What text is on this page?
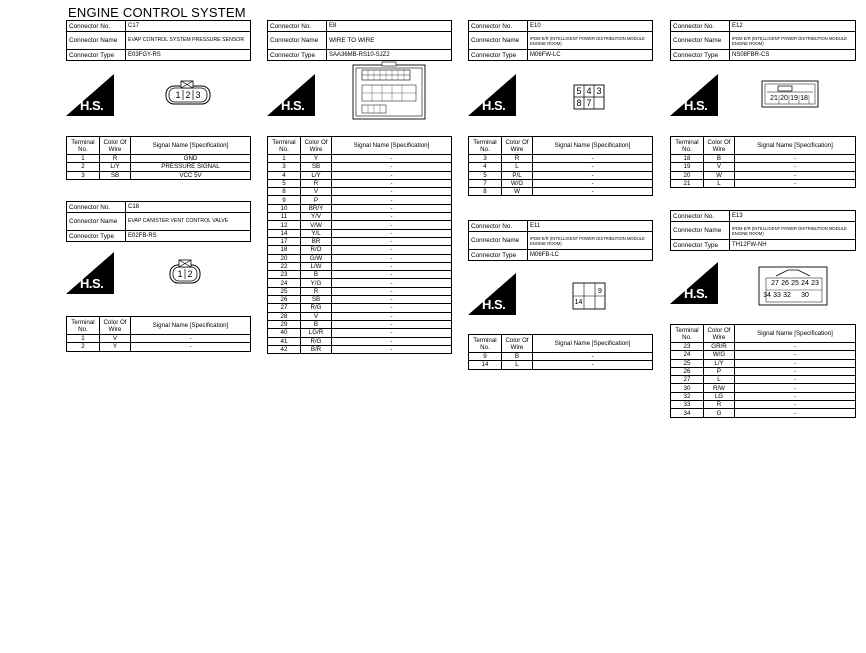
ENGINE CONTROL SYSTEM
Connector No.	C17
Connector Name	EVAP CONTROL SYSTEM PRESSURE SENSOR
Connector Type	E03FGY-RS
H.S.
1 2 3
Terminal No.	Color Of Wire	Signal Name [Specification]
1	R	GND
2	L/Y	PRESSURE SIGNAL
3	SB	VCC 5V
Connector No.	C18
Connector Name	EVAP CANISTER VENT CONTROL VALVE
Connector Type	E02FB-RS
H.S.
1 2
Terminal No.	Color Of Wire	Signal Name [Specification]
1	V	-
2	Y	-
Connector No.	E8
Connector Name	WIRE TO WIRE
Connector Type	SAA36MB-RS10-SJZ2
H.S.
Terminal No.	Color Of Wire	Signal Name [Specification]
1	Y	-
3	SB	-
4	L/Y	-
5	R	-
8	V	-
9	P	-
10	BR/Y	-
11	Y/V	-
12	V/W	-
14	Y/L	-
17	BR	-
18	R/O	-
20	G/W	-
22	L/W	-
23	B	-
24	Y/G	-
25	R	-
26	SB	-
27	R/G	-
28	V	-
29	B	-
40	LG/R	-
41	R/G	-
42	B/R	-
Connector No.	E10
Connector Name	IPDM E/R (INTELLIGENT POWER DISTRIBUTION MODULE ENGINE ROOM)
Connector Type	M06FW-LC
H.S.
5 4 3
8 7
Terminal No.	Color Of Wire	Signal Name [Specification]
3	R	-
4	L	-
5	P/L	-
7	W/G	-
8	W	-
Connector No.	E11
Connector Name	IPDM E/R (INTELLIGENT POWER DISTRIBUTION MODULE ENGINE ROOM)
Connector Type	M06FB-LC
H.S.
9
14
Terminal No.	Color Of Wire	Signal Name [Specification]
9	B	-
14	L	-
Connector No.	E12
Connector Name	IPDM E/R (INTELLIGENT POWER DISTRIBUTION MODULE ENGINE ROOM)
Connector Type	NS08FBR-CS
H.S.	21 20 19 18
Terminal No.	Color Of Wire	Signal Name [Specification]
18	B	-
19	V	-
20	W	-
21	L	-
Connector No.	E13
Connector Name	IPDM E/R (INTELLIGENT POWER DISTRIBUTION MODULE ENGINE ROOM)
Connector Type	TH12FW-NH
H.S.
27 26 25 24 23
34 33 32 30
Terminal No.	Color Of Wire	Signal Name [Specification]
23	GR/R	-
24	W/G	-
25	L/Y	-
26	P	-
27	L	-
30	R/W	-
32	LG	-
33	R	-
34	G	-
